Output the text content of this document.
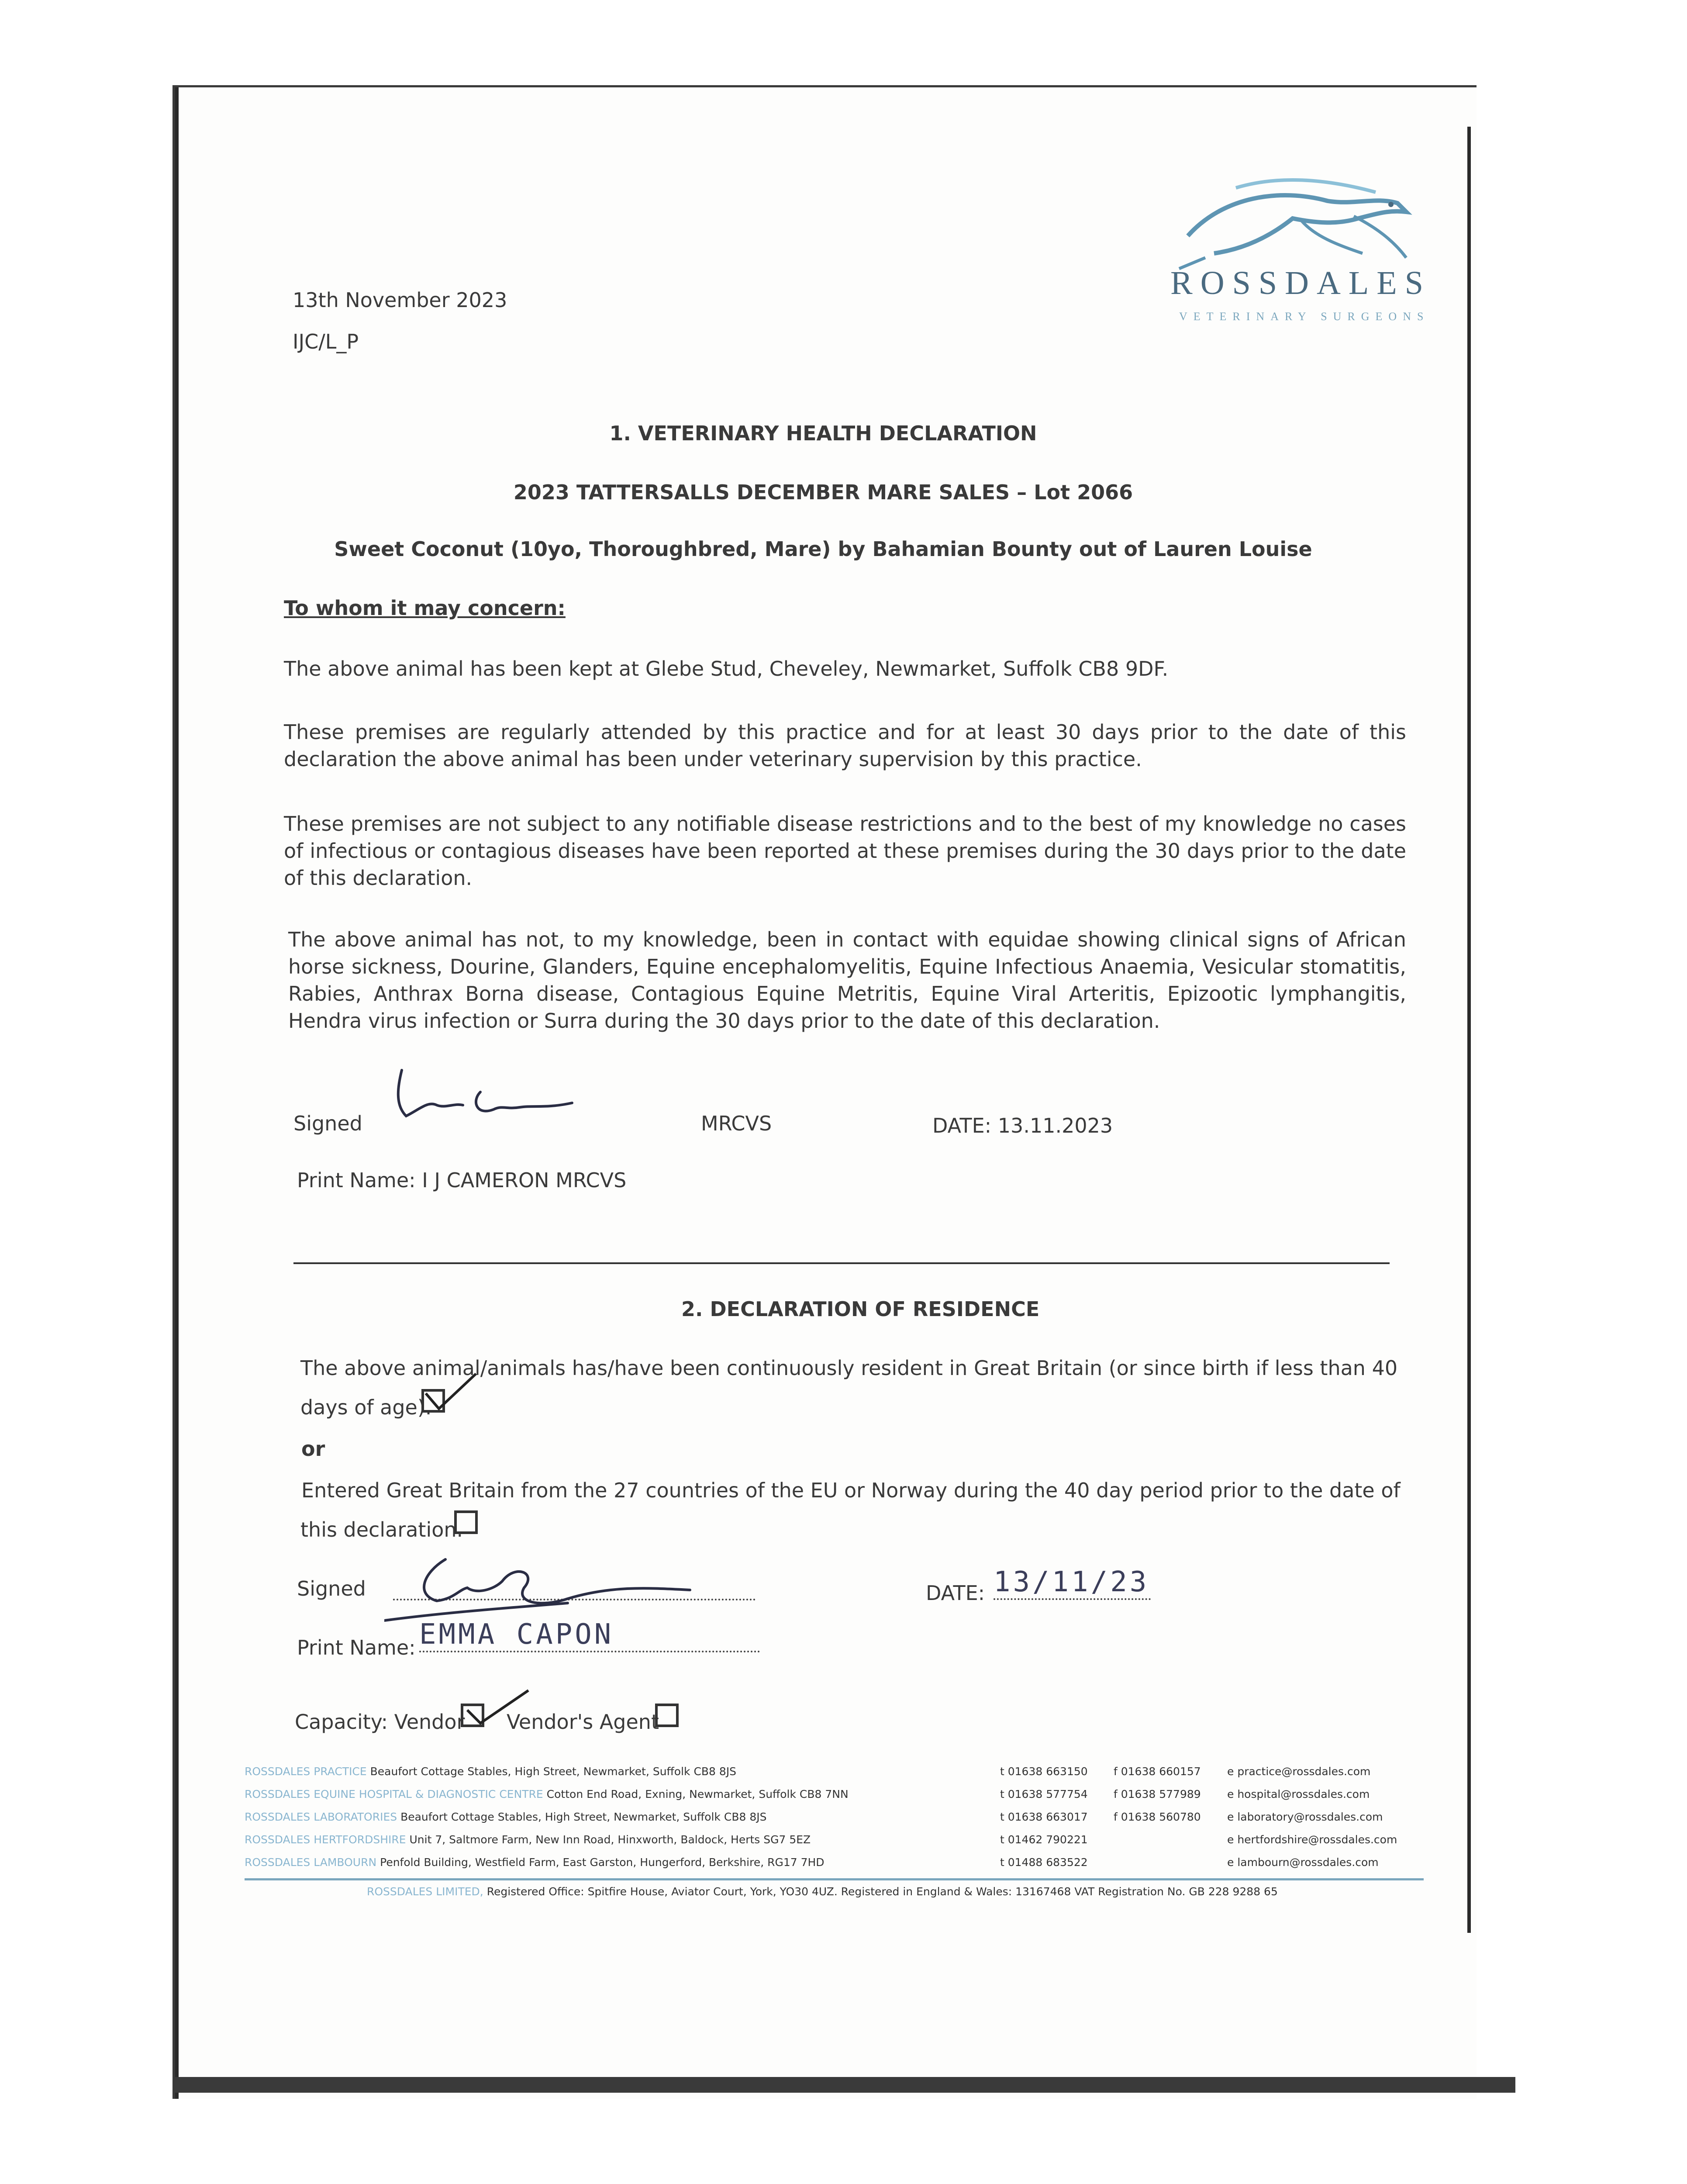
13th November 2023
IJC/L_P
ROSSDALES
VETERINARY SURGEONS
1. VETERINARY HEALTH DECLARATION
2023 TATTERSALLS DECEMBER MARE SALES – Lot 2066
Sweet Coconut (10yo, Thoroughbred, Mare) by Bahamian Bounty out of Lauren Louise
To whom it may concern:
The above animal has been kept at Glebe Stud, Cheveley, Newmarket, Suffolk CB8 9DF.
These premises are regularly attended by this practice and for at least 30 days prior to the date of this declaration the above animal has been under veterinary supervision by this practice.
These premises are not subject to any notifiable disease restrictions and to the best of my knowledge no cases of infectious or contagious diseases have been reported at these premises during the 30 days prior to the date of this declaration.
The above animal has not, to my knowledge, been in contact with equidae showing clinical signs of African horse sickness, Dourine, Glanders, Equine encephalomyelitis, Equine Infectious Anaemia, Vesicular stomatitis, Rabies, Anthrax Borna disease, Contagious Equine Metritis, Equine Viral Arteritis, Epizootic lymphangitis, Hendra virus infection or Surra during the 30 days prior to the date of this declaration.
Signed	MRCVS	DATE: 13.11.2023
Print Name: I J CAMERON MRCVS
2. DECLARATION OF RESIDENCE
The above animal/animals has/have been continuously resident in Great Britain (or since birth if less than 40
days of age).
or
Entered Great Britain from the 27 countries of the EU or Norway during the 40 day period prior to the date of
this declaration.
Signed	DATE: 13/11/23
Print Name: EMMA CAPON
Capacity: Vendor Vendor's Agent
ROSSDALES PRACTICE Beaufort Cottage Stables, High Street, Newmarket, Suffolk CB8 8JS	t 01638 663150 f 01638 660157 e practice@rossdales.com
ROSSDALES EQUINE HOSPITAL & DIAGNOSTIC CENTRE Cotton End Road, Exning, Newmarket, Suffolk CB8 7NN	t 01638 577754 f 01638 577989 e hospital@rossdales.com
ROSSDALES LABORATORIES Beaufort Cottage Stables, High Street, Newmarket, Suffolk CB8 8JS	t 01638 663017 f 01638 560780 e laboratory@rossdales.com
ROSSDALES HERTFORDSHIRE Unit 7, Saltmore Farm, New Inn Road, Hinxworth, Baldock, Herts SG7 5EZ	t 01462 790221	e hertfordshire@rossdales.com
ROSSDALES LAMBOURN Penfold Building, Westfield Farm, East Garston, Hungerford, Berkshire, RG17 7HD	t 01488 683522	e lambourn@rossdales.com
ROSSDALES LIMITED, Registered Office: Spitfire House, Aviator Court, York, YO30 4UZ. Registered in England & Wales: 13167468 VAT Registration No. GB 228 9288 65
